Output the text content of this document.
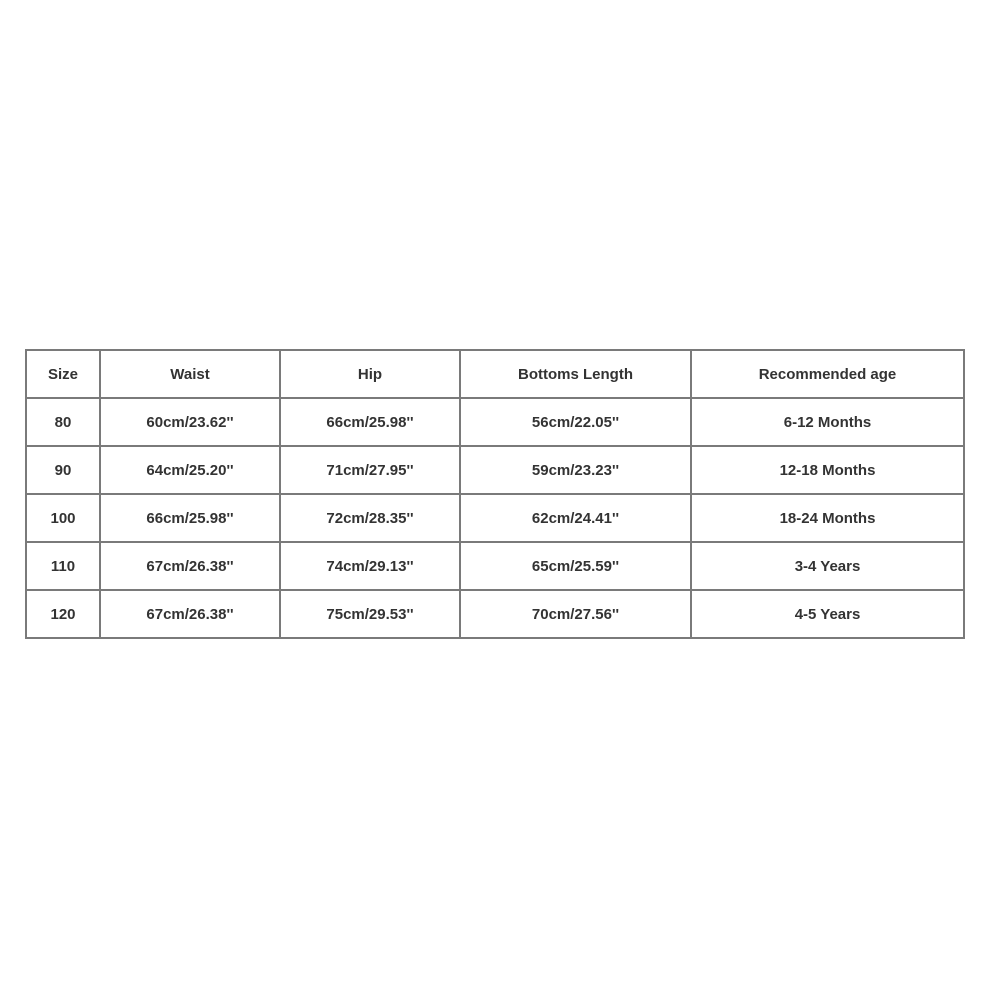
Size	Waist	Hip	Bottoms Length	Recommended age
80	60cm/23.62''	66cm/25.98''	56cm/22.05''	6-12 Months
90	64cm/25.20''	71cm/27.95''	59cm/23.23''	12-18 Months
100	66cm/25.98''	72cm/28.35''	62cm/24.41''	18-24 Months
110	67cm/26.38''	74cm/29.13''	65cm/25.59''	3-4 Years
120	67cm/26.38''	75cm/29.53''	70cm/27.56''	4-5 Years
